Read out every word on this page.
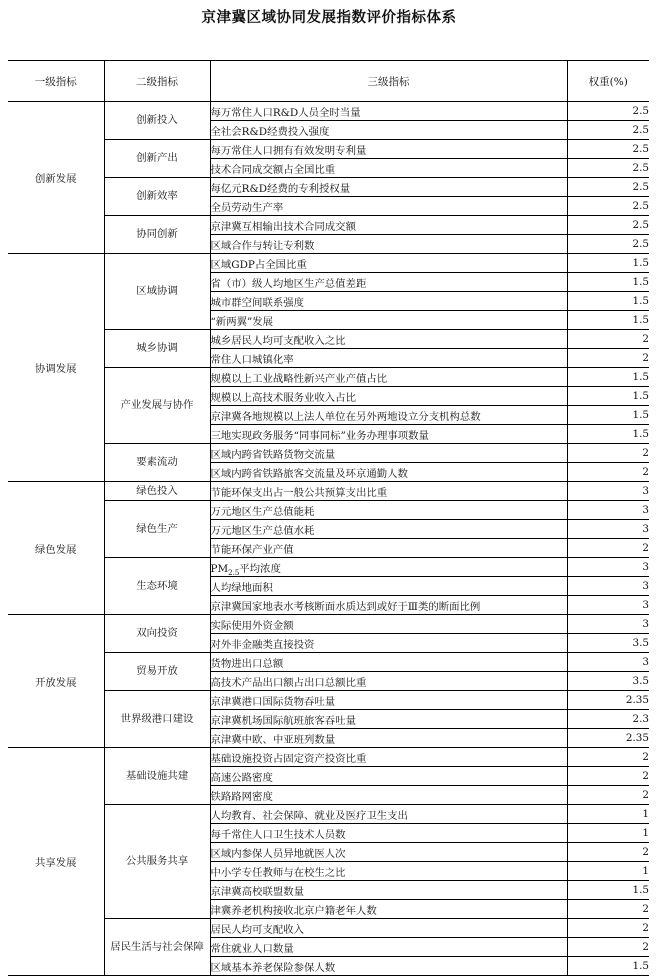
京津冀区域协同发展指数评价指标体系
一级指标	二级指标	三级指标	权重(%)
创新发展	创新投入	每万常住人口R&D人员全时当量	2.5
		全社会R&D经费投入强度	2.5
	创新产出	每万常住人口拥有有效发明专利量	2.5
		技术合同成交额占全国比重	2.5
	创新效率	每亿元R&D经费的专利授权量	2.5
		全员劳动生产率	2.5
	协同创新	京津冀互相输出技术合同成交额	2.5
		区域合作与转让专利数	2.5
协调发展	区域协调	区域GDP占全国比重	1.5
		省（市）级人均地区生产总值差距	1.5
		城市群空间联系强度	1.5
		“新两翼”发展	1.5
	城乡协调	城乡居民人均可支配收入之比	2
		常住人口城镇化率	2
	产业发展与协作	规模以上工业战略性新兴产业产值占比	1.5
		规模以上高技术服务业收入占比	1.5
		京津冀各地规模以上法人单位在另外两地设立分支机构总数	1.5
		三地实现政务服务“同事同标”业务办理事项数量	1.5
	要素流动	区域内跨省铁路货物交流量	2
		区域内跨省铁路旅客交流量及环京通勤人数	2
绿色发展	绿色投入	节能环保支出占一般公共预算支出比重	3
	绿色生产	万元地区生产总值能耗	3
		万元地区生产总值水耗	3
		节能环保产业产值	2
	生态环境	$PM_{2.5}$平均浓度	3
		人均绿地面积	3
		京津冀国家地表水考核断面水质达到或好于Ⅲ类的断面比例	3
开放发展	双向投资	实际使用外资金额	3
		对外非金融类直接投资	3.5
	贸易开放	货物进出口总额	3
		高技术产品出口额占出口总额比重	3.5
	世界级港口建设	京津冀港口国际货物吞吐量	2.35
		京津冀机场国际航班旅客吞吐量	2.3
		京津冀中欧、中亚班列数量	2.35
共享发展	基础设施共建	基础设施投资占固定资产投资比重	2
		高速公路密度	2
		铁路路网密度	2
	公共服务共享	人均教育、社会保障、就业及医疗卫生支出	1
		每千常住人口卫生技术人员数	1
		区域内参保人员异地就医人次	2
		中小学专任教师与在校生之比	1
		京津冀高校联盟数量	1.5
		津冀养老机构接收北京户籍老年人数	2
	居民生活与社会保障	居民人均可支配收入	2
		常住就业人口数量	2
		区域基本养老保险参保人数	1.5
